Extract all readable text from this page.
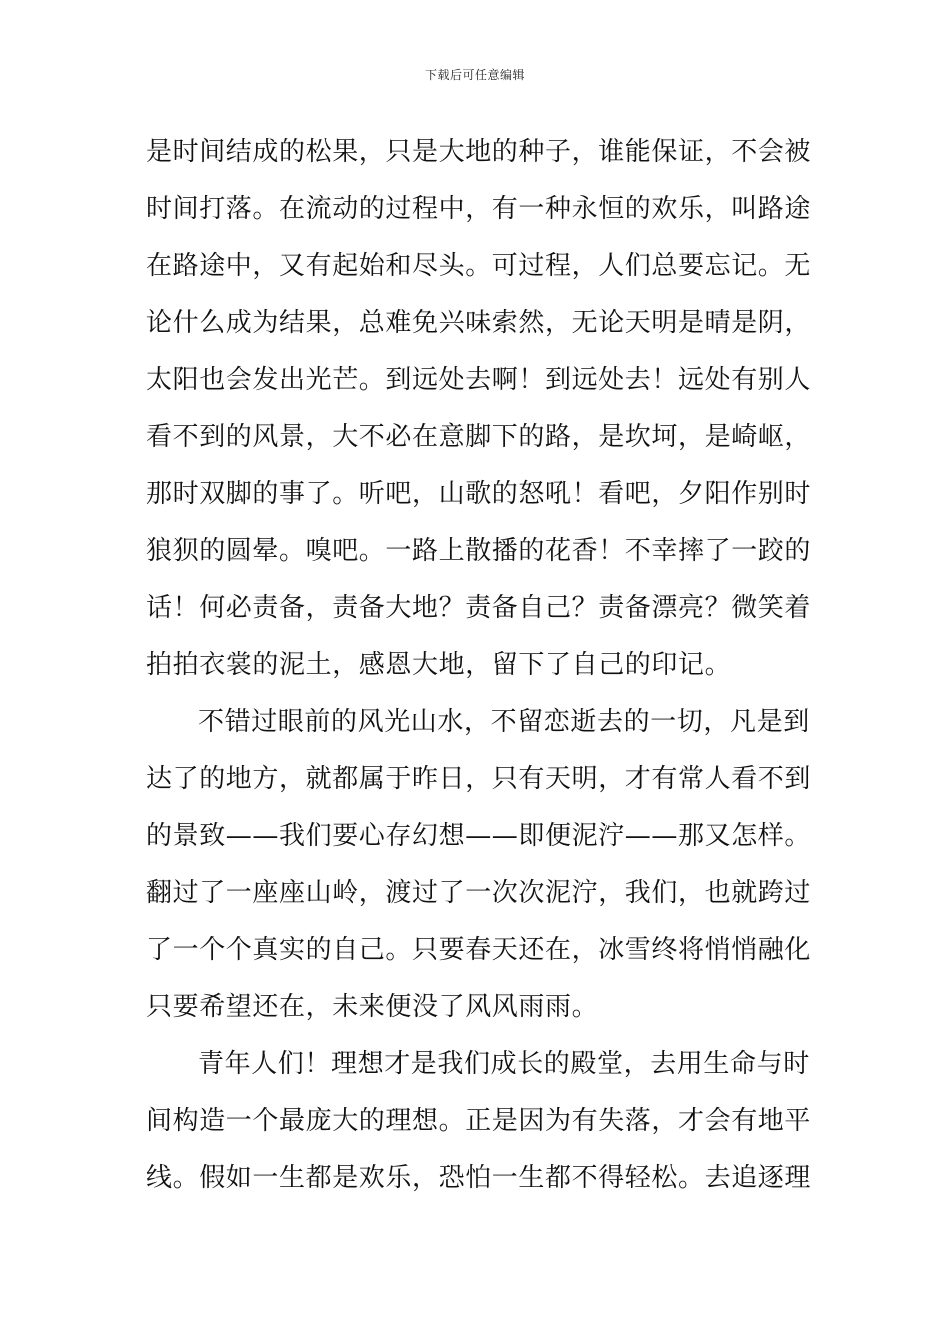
下载后可任意编辑
是时间结成的松果，只是大地的种子，谁能保证，不会被
时间打落。在流动的过程中，有一种永恒的欢乐，叫路途
在路途中，又有起始和尽头。可过程，人们总要忘记。无
论什么成为结果，总难免兴味索然，无论天明是晴是阴，
太阳也会发出光芒。到远处去啊！到远处去！远处有别人
看不到的风景，大不必在意脚下的路，是坎坷，是崎岖，
那时双脚的事了。听吧，山歌的怒吼！看吧，夕阳作别时
狼狈的圆晕。嗅吧。一路上散播的花香！不幸摔了一跤的
话！何必责备，责备大地？责备自己？责备漂亮？微笑着
拍拍衣裳的泥土，感恩大地，留下了自己的印记。
不错过眼前的风光山水，不留恋逝去的一切，凡是到
达了的地方，就都属于昨日，只有天明，才有常人看不到
的景致——我们要心存幻想——即便泥泞——那又怎样。
翻过了一座座山岭，渡过了一次次泥泞，我们，也就跨过
了一个个真实的自己。只要春天还在，冰雪终将悄悄融化
只要希望还在，未来便没了风风雨雨。
青年人们！理想才是我们成长的殿堂，去用生命与时
间构造一个最庞大的理想。正是因为有失落，才会有地平
线。假如一生都是欢乐，恐怕一生都不得轻松。去追逐理
